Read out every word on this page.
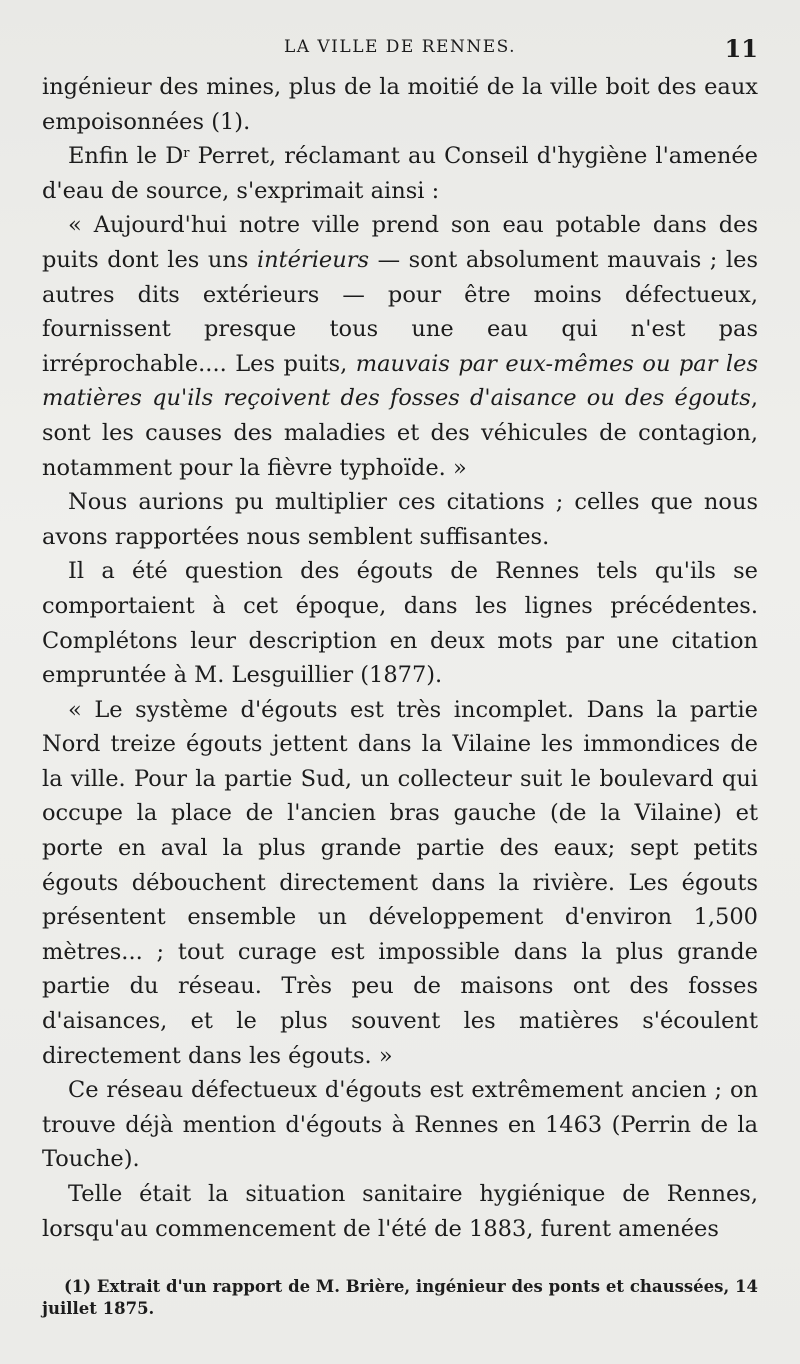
LA VILLE DE RENNES.	11

ingénieur des mines, plus de la moitié de la ville boit des eaux empoisonnées (1).

Enfin le $D^r$ Perret, réclamant au Conseil d'hygiène l'amenée d'eau de source, s'exprimait ainsi :

« Aujourd'hui notre ville prend son eau potable dans des puits dont les uns intérieurs — sont absolument mauvais ; les autres dits extérieurs — pour être moins défectueux, fournissent presque tous une eau qui n'est pas irréprochable.... Les puits, mauvais par eux-mêmes ou par les matières qu'ils reçoivent des fosses d'aisance ou des égouts, sont les causes des maladies et des véhicules de contagion, notamment pour la fièvre typhoïde. »

Nous aurions pu multiplier ces citations ; celles que nous avons rapportées nous semblent suffisantes.

Il a été question des égouts de Rennes tels qu'ils se comportaient à cet époque, dans les lignes précédentes. Complétons leur description en deux mots par une citation empruntée à M. Lesguillier (1877).

« Le système d'égouts est très incomplet. Dans la partie Nord treize égouts jettent dans la Vilaine les immondices de la ville. Pour la partie Sud, un collecteur suit le boulevard qui occupe la place de l'ancien bras gauche (de la Vilaine) et porte en aval la plus grande partie des eaux; sept petits égouts débouchent directement dans la rivière. Les égouts présentent ensemble un développement d'environ 1,500 mètres... ; tout curage est impossible dans la plus grande partie du réseau. Très peu de maisons ont des fosses d'aisances, et le plus souvent les matières s'écoulent directement dans les égouts. »

Ce réseau défectueux d'égouts est extrêmement ancien ; on trouve déjà mention d'égouts à Rennes en 1463 (Perrin de la Touche).

Telle était la situation sanitaire hygiénique de Rennes, lorsqu'au commencement de l'été de 1883, furent amenées

(1) Extrait d'un rapport de M. Brière, ingénieur des ponts et chaussées, 14 juillet 1875.
